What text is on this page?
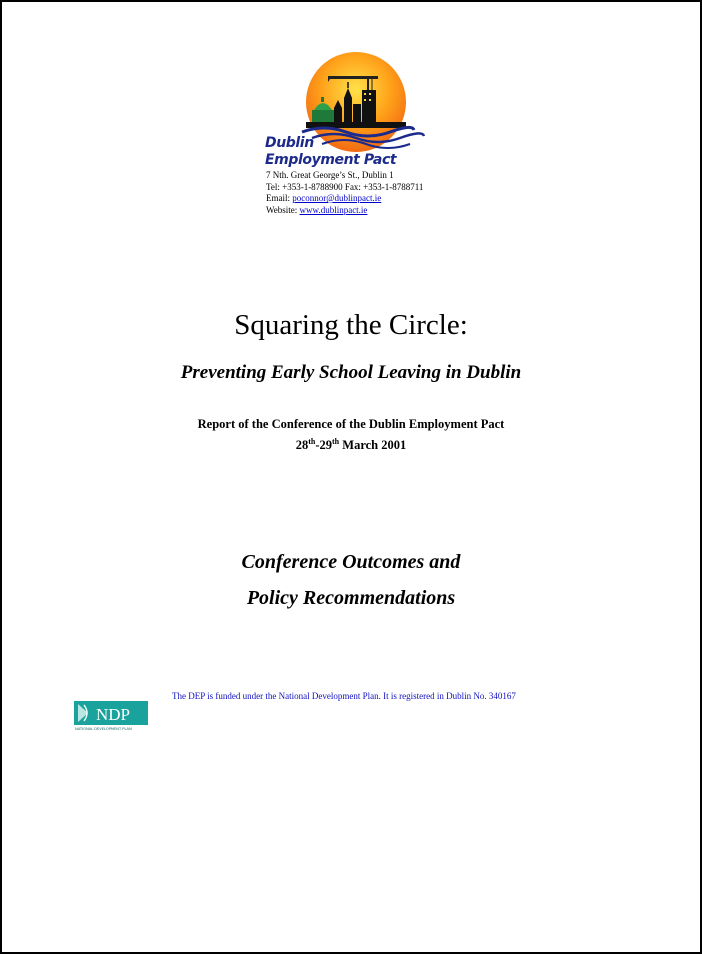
Dublin
Employment Pact
7 Nth. Great George’s St., Dublin 1
Tel: +353-1-8788900 Fax: +353-1-8788711
Email: poconnor@dublinpact.ie
Website: www.dublinpact.ie
Squaring the Circle:
Preventing Early School Leaving in Dublin
Report of the Conference of the Dublin Employment Pact
28th-29th March 2001
Conference Outcomes and
Policy Recommendations
The DEP is funded under the National Development Plan. It is registered in Dublin No. 340167
NDP
NATIONAL DEVELOPMENT PLAN
